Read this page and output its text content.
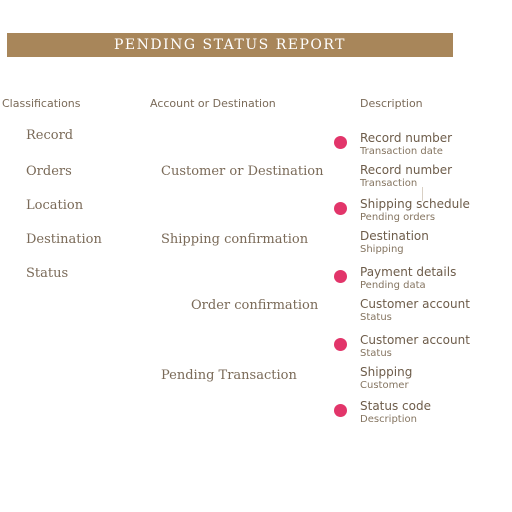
PENDING STATUS REPORT
Classifications	Account or Destination	Description
Record
Orders
Location
Destination
Status
Customer or Destination
Shipping confirmation
Order confirmation
Pending Transaction
Record number
Transaction date
Record number
Transaction
Shipping schedule
Pending orders
Destination
Shipping
Payment details
Pending data
Customer account
Status
Customer account
Status
Shipping
Customer
Status code
Description
